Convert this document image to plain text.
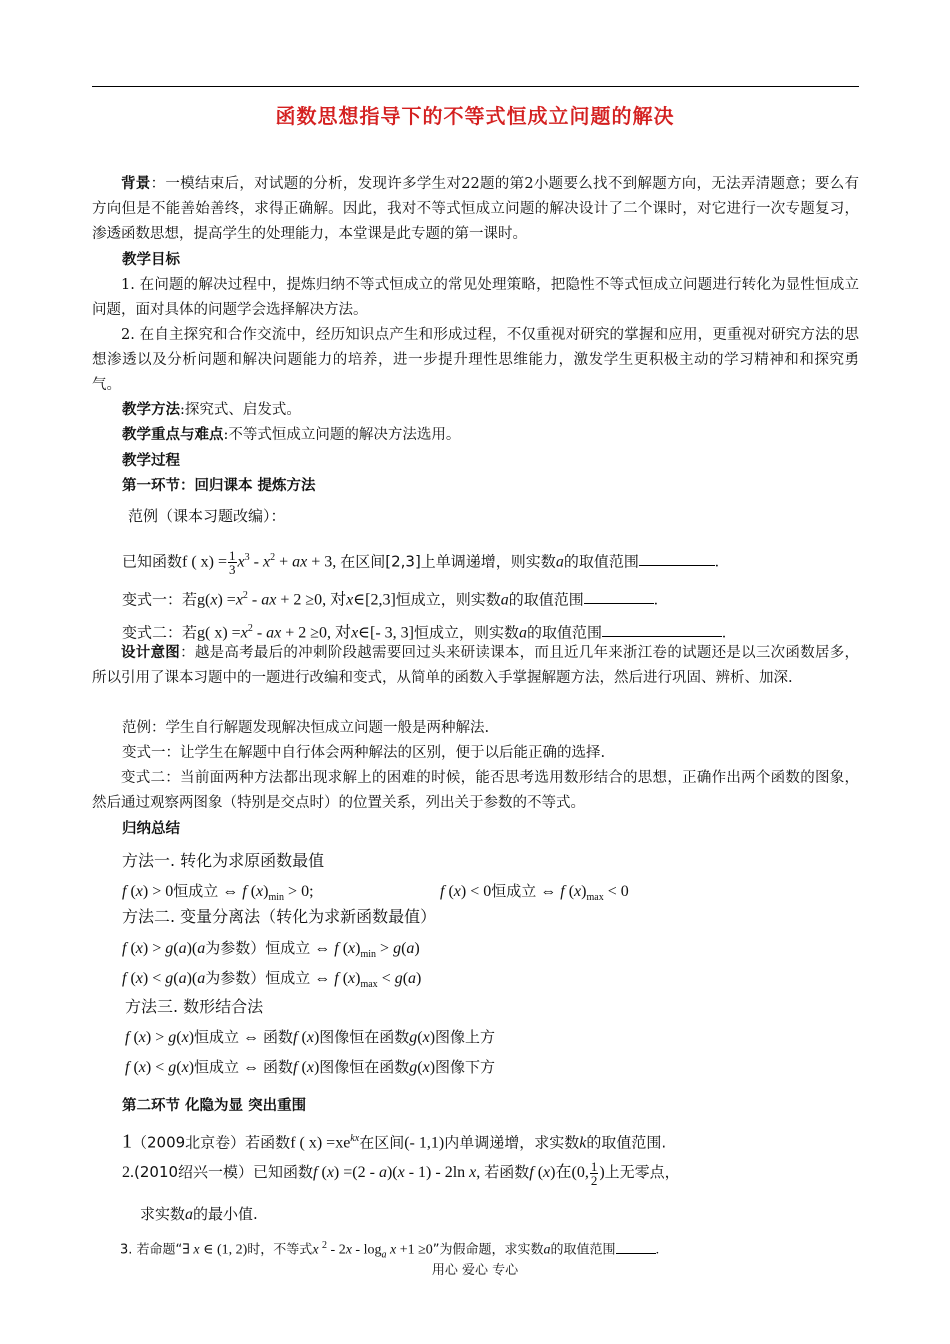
函数思想指导下的不等式恒成立问题的解决
背景：一模结束后，对试题的分析，发现许多学生对22题的第2小题要么找不到解题方向，无法弄清题意；要么有方向但是不能善始善终，求得正确解。因此，我对不等式恒成立问题的解决设计了二个课时，对它进行一次专题复习，渗透函数思想，提高学生的处理能力，本堂课是此专题的第一课时。
教学目标
1. 在问题的解决过程中，提炼归纳不等式恒成立的常见处理策略，把隐性不等式恒成立问题进行转化为显性恒成立问题，面对具体的问题学会选择解决方法。
2. 在自主探究和合作交流中，经历知识点产生和形成过程，不仅重视对研究的掌握和应用，更重视对研究方法的思想渗透以及分析问题和解决问题能力的培养，进一步提升理性思维能力，激发学生更积极主动的学习精神和和探究勇气。
教学方法:探究式、启发式。
教学重点与难点:不等式恒成立问题的解决方法选用。
教学过程
第一环节：回归课本 提炼方法
范例（课本习题改编）：
已知函数f ( $x) = \frac{1}{3} x^3 - x^2$ + ax + 3, 在区间[2,3]上单调递增，则实数a的取值范围	.
变式一：若$g(x) =x^2$ - ax + 2 ≥0, 对x∈[2,3]恒成立，则实数a的取值范围	.
变式二：若g( $x) =x^2$ - ax + 2 ≥0, 对x∈[- 3, 3]恒成立，则实数a的取值范围	.
设计意图：越是高考最后的冲刺阶段越需要回过头来研读课本，而且近几年来浙江卷的试题还是以三次函数居多，所以引用了课本习题中的一题进行改编和变式，从简单的函数入手掌握解题方法，然后进行巩固、辨析、加深.
范例：学生自行解题发现解决恒成立问题一般是两种解法.
变式一：让学生在解题中自行体会两种解法的区别，便于以后能正确的选择.
变式二：当前面两种方法都出现求解上的困难的时候，能否思考选用数形结合的思想，正确作出两个函数的图象，然后通过观察两图象（特别是交点时）的位置关系，列出关于参数的不等式。
归纳总结
方法一. 转化为求原函数最值
f (x) > 0恒成立 ⇔ f $(x)_{min} > 0$;	f (x) < 0恒成立 ⇔ f $(x)_{max} < 0$
方法二. 变量分离法（转化为求新函数最值）
f (x) > g(a)(a为参数）恒成立 ⇔ f $(x)_{min} > g(a)$
f (x) < g(a)(a为参数）恒成立 ⇔ f $(x)_{max} < g(a)$
方法三. 数形结合法
f (x) > g(x)恒成立 ⇔ 函数f (x)图像恒在函数g(x)图像上方
f (x) < g(x)恒成立 ⇔ 函数f (x)图像恒在函数g(x)图像下方
第二环节 化隐为显 突出重围
1（2009北京卷）若函数f ( $x) =xe^{kx}$在区间(- 1,1)内单调递增，求实数k的取值范围.
2.(2010绍兴一模）已知函数f (x) =(2 - a)(x - 1) - 2ln x, 若函数f (x)在(0, $\frac{1}{2}$ )上无零点，
求实数a的最小值.
3. 若命题“∃ x ∈ (1, 2)时，不等式x $^2 - 2x - \log_a x +1 \ge 0$”为假命题，求实数a的取值范围	.
用心 爱心 专心
